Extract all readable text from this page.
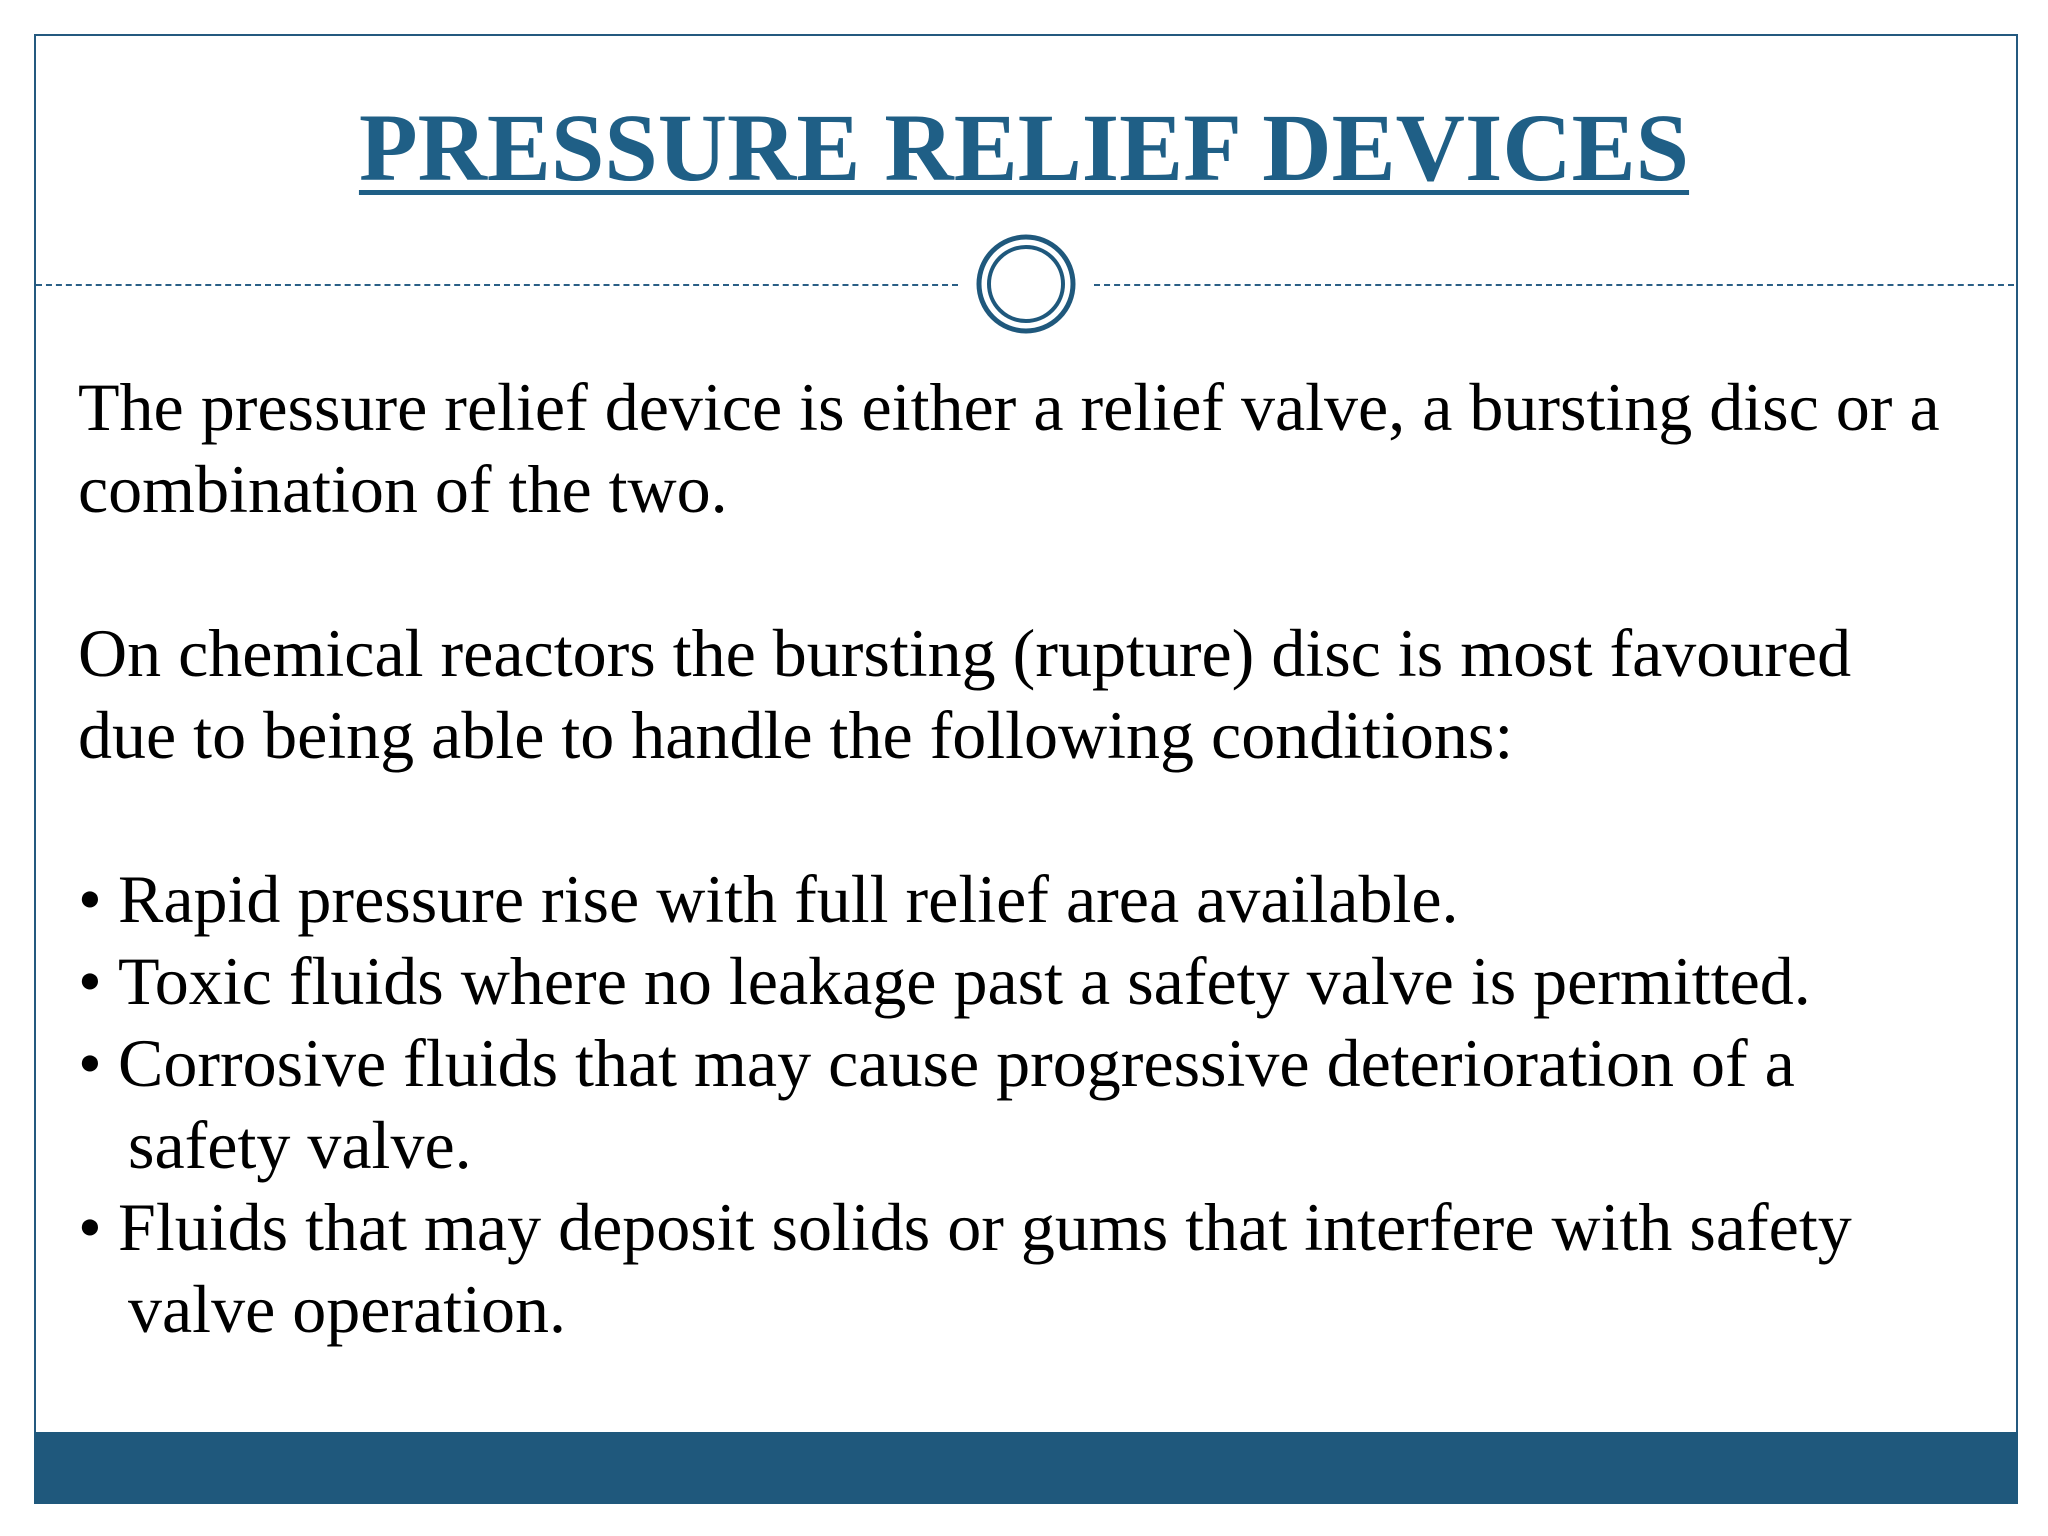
PRESSURE RELIEF DEVICES

The pressure relief device is either a relief valve, a bursting disc or a
combination of the two.

On chemical reactors the bursting (rupture) disc is most favoured
due to being able to handle the following conditions:

• Rapid pressure rise with full relief area available.
• Toxic fluids where no leakage past a safety valve is permitted.
• Corrosive fluids that may cause progressive deterioration of a
safety valve.
• Fluids that may deposit solids or gums that interfere with safety
valve operation.
